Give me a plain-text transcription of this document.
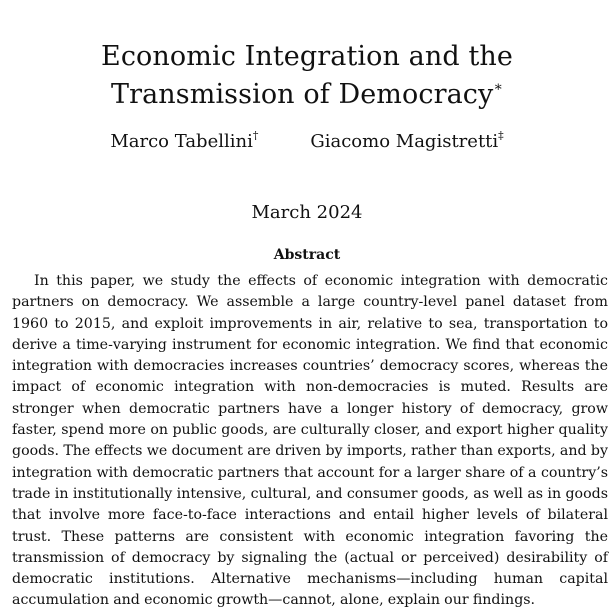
Economic Integration and the Transmission of Democracy∗
Marco Tabellini†	Giacomo Magistretti‡
March 2024
Abstract

In this paper, we study the effects of economic integration with democratic partners on democracy. We assemble a large country-level panel dataset from 1960 to 2015, and exploit improvements in air, relative to sea, transportation to derive a time-varying instrument for economic integration. We find that economic integration with democracies increases countries’ democracy scores, whereas the impact of economic integration with non-democracies is muted. Results are stronger when democratic partners have a longer history of democracy, grow faster, spend more on public goods, are culturally closer, and export higher quality goods. The effects we document are driven by imports, rather than exports, and by integration with democratic partners that account for a larger share of a country’s trade in institutionally intensive, cultural, and consumer goods, as well as in goods that involve more face-to-face interactions and entail higher levels of bilateral trust. These patterns are consistent with economic integration favoring the transmission of democracy by signaling the (actual or perceived) desirability of democratic institutions. Alternative mechanisms—including human capital accumulation and economic growth—cannot, alone, explain our findings.
